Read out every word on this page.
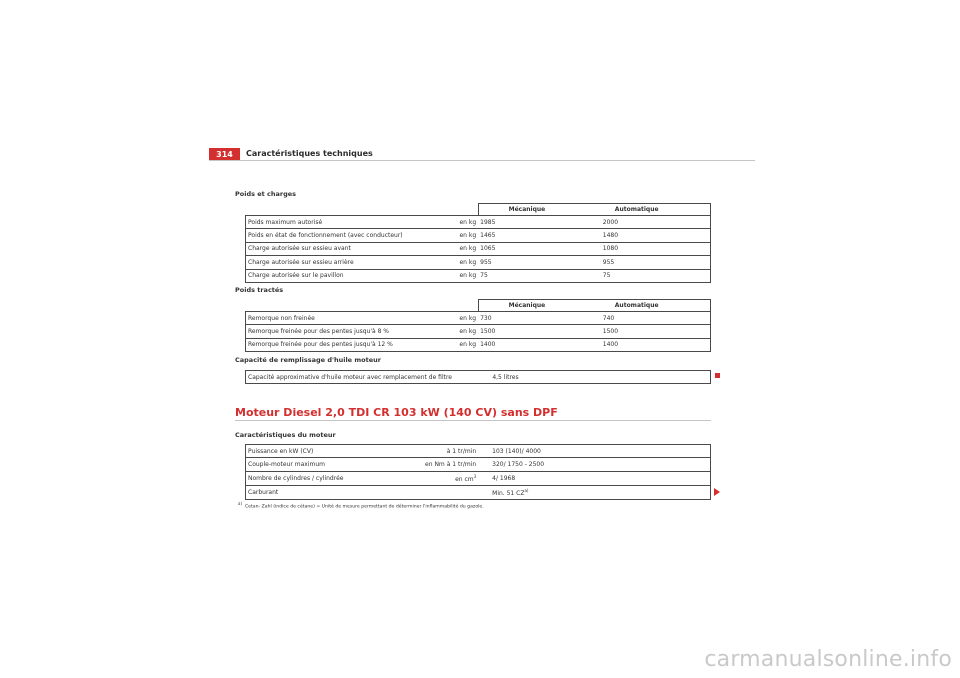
314	Caractéristiques techniques
Poids et charges
		Mécanique	Automatique
Poids maximum autorisé	en kg	1985	2000
Poids en état de fonctionnement (avec conducteur)	en kg	1465	1480
Charge autorisée sur essieu avant	en kg	1065	1080
Charge autorisée sur essieu arrière	en kg	955	955
Charge autorisée sur le pavillon	en kg	75	75
Poids tractés
		Mécanique	Automatique
Remorque non freinée	en kg	730	740
Remorque freinée pour des pentes jusqu'à 8 %	en kg	1500	1500
Remorque freinée pour des pentes jusqu'à 12 %	en kg	1400	1400
Capacité de remplissage d'huile moteur
Capacité approximative d'huile moteur avec remplacement de filtre	4,5 litres
Moteur Diesel 2,0 TDI CR 103 kW (140 CV) sans DPF
Caractéristiques du moteur
Puissance en kW (CV)	à 1 tr/min	103 (140)/ 4000
Couple-moteur maximum	en Nm à 1 tr/min	320/ 1750 - 2500
Nombre de cylindres / cylindrée	en $cm^3$	4/ 1968
Carburant		Min. 51 CZ$^{a)}$
$^{a)}$  Cetan- Zahl (indice de cétane) = Unité de mesure permettant de déterminer l'inflammabilité du gazole.
carmanualsonline.info
